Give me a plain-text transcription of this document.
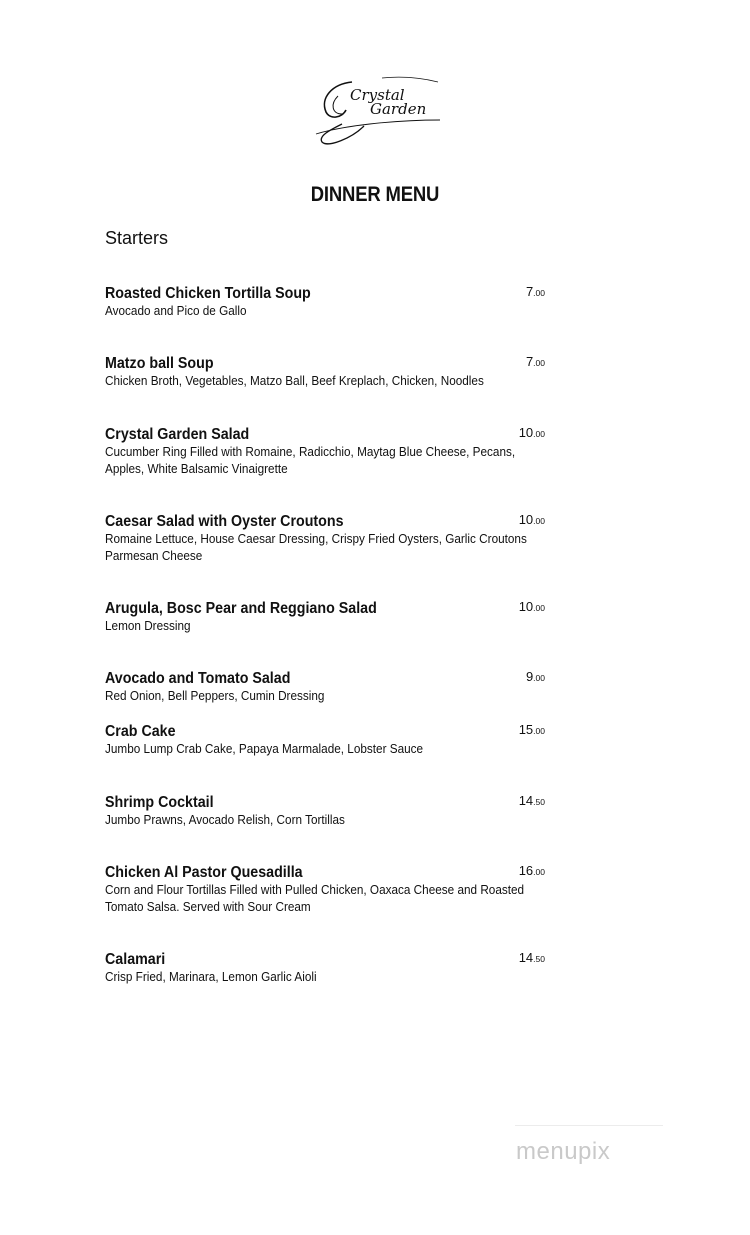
Crystal
Garden
DINNER MENU
Starters
Roasted Chicken Tortilla Soup
Avocado and Pico de Gallo
7.00
Matzo ball Soup
Chicken Broth, Vegetables, Matzo Ball, Beef Kreplach, Chicken, Noodles
7.00
Crystal Garden Salad
Cucumber Ring Filled with Romaine, Radicchio, Maytag Blue Cheese, Pecans,
Apples, White Balsamic Vinaigrette
10.00
Caesar Salad with Oyster Croutons
Romaine Lettuce, House Caesar Dressing, Crispy Fried Oysters, Garlic Croutons
Parmesan Cheese
10.00
Arugula, Bosc Pear and Reggiano Salad
Lemon Dressing
10.00
Avocado and Tomato Salad
Red Onion, Bell Peppers, Cumin Dressing
9.00
Crab Cake
Jumbo Lump Crab Cake, Papaya Marmalade, Lobster Sauce
15.00
Shrimp Cocktail
Jumbo Prawns, Avocado Relish, Corn Tortillas
14.50
Chicken Al Pastor Quesadilla
Corn and Flour Tortillas Filled with Pulled Chicken, Oaxaca Cheese and Roasted
Tomato Salsa. Served with Sour Cream
16.00
Calamari
Crisp Fried, Marinara, Lemon Garlic Aioli
14.50
menupix
